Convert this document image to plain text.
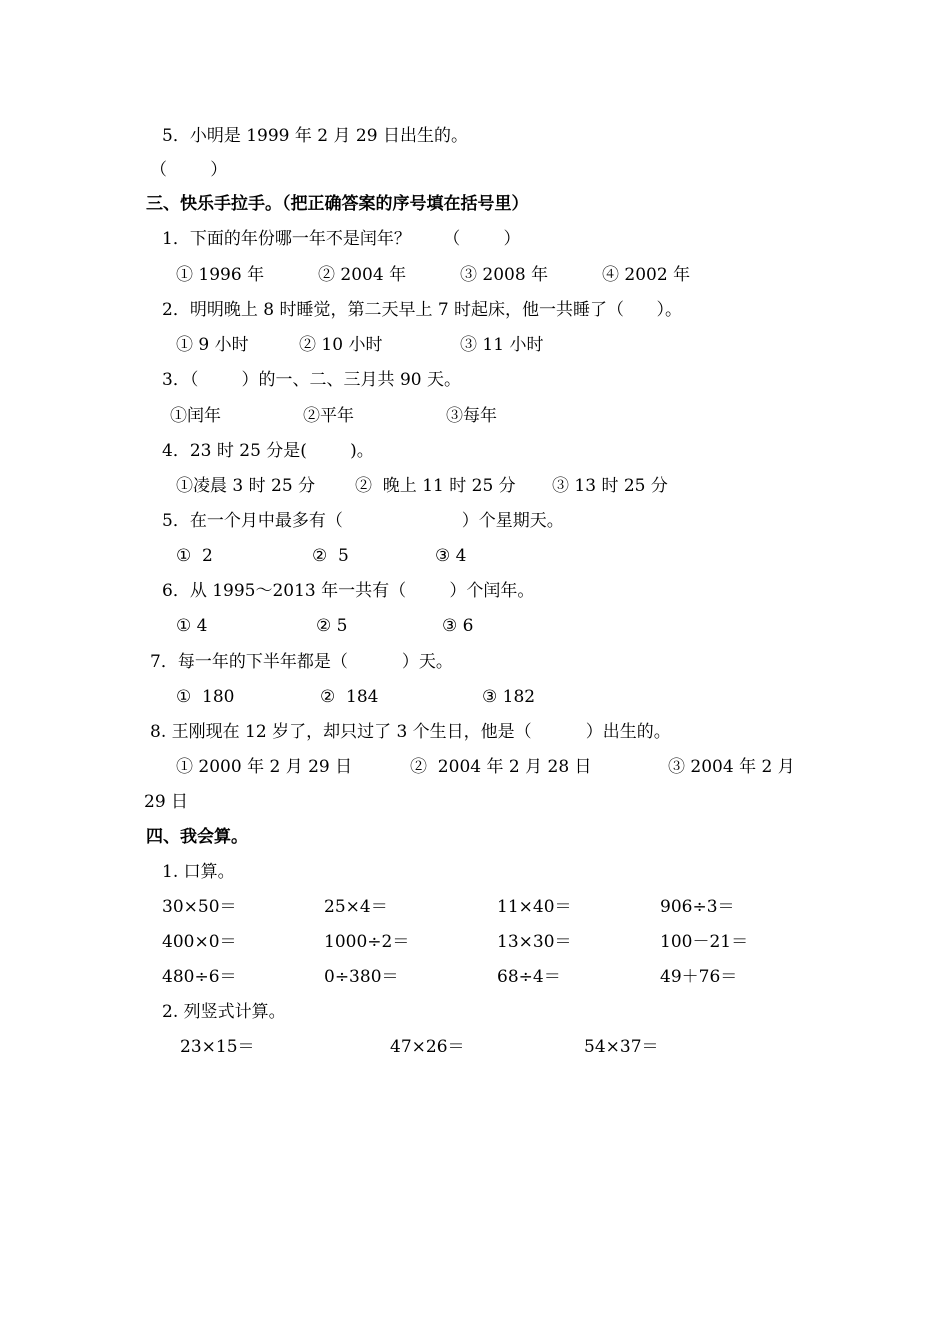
5．小明是 1999 年 2 月 29 日出生的。
（        ）
三、快乐手拉手。（把正确答案的序号填在括号里）
1．下面的年份哪一年不是闰年？      （        ）
① 1996 年	② 2004 年	③ 2008 年	④ 2002 年
2．明明晚上 8 时睡觉，第二天早上 7 时起床，他一共睡了（      ）。
① 9 小时	② 10 小时	③ 11 小时
3．（        ）的一、二、三月共 90 天。
①闰年	②平年	③每年
4．23 时 25 分是(        )。
①凌晨 3 时 25 分 ②  晚上 11 时 25 分 ③ 13 时 25 分
5．在一个月中最多有（                      ）个星期天。
①  2	②  5	③ 4
6．从 1995～2013 年一共有（        ）个闰年。
① 4	② 5	③ 6
7．每一年的下半年都是（          ）天。
①  180	②  184	③ 182
8. 王刚现在 12 岁了，却只过了 3 个生日，他是（          ）出生的。
① 2000 年 2 月 29 日	②  2004 年 2 月 28 日	③ 2004 年 2 月
29 日
四、我会算。
1. 口算。
30×50＝	25×4＝	11×40＝	906÷3＝
400×0＝	1000÷2＝	13×30＝	100－21＝
480÷6＝	0÷380＝	68÷4＝	49＋76＝
2. 列竖式计算。
23×15＝	47×26＝	54×37＝
